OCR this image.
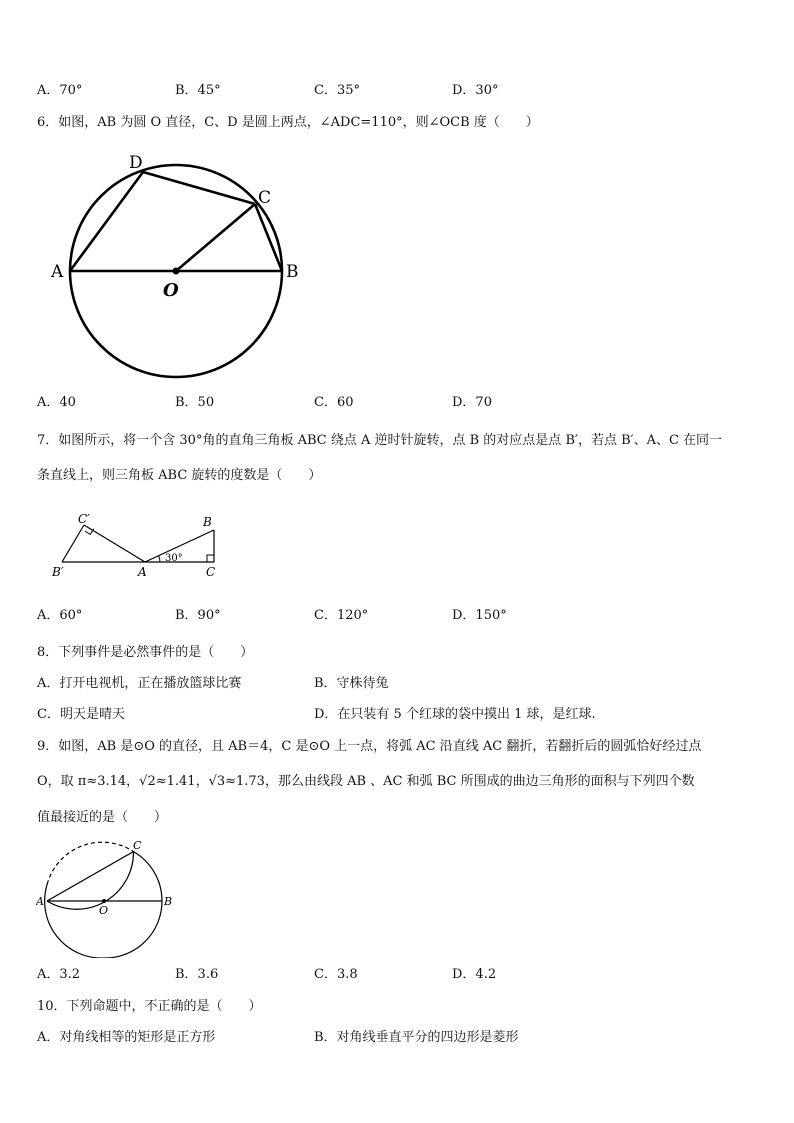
A．70°	B．45°	C．35°	D．30°
6．如图，AB 为圆 O 直径，C、D 是圆上两点，∠ADC=110°，则∠OCB 度（　　）
D
C
A	B
O
A．40	B．50	C．60	D．70
7．如图所示，将一个含 30°角的直角三角板 ABC 绕点 A 逆时针旋转，点 B 的对应点是点 B′，若点 B′、A、C 在同一
条直线上，则三角板 ABC 旋转的度数是（　　）
C′
B′	A
B
C
30°
A．60°	B．90°	C．120°	D．150°
8．下列事件是必然事件的是（　　）
A．打开电视机，正在播放篮球比赛	B．守株待兔
C．明天是晴天	D．在只装有 5 个红球的袋中摸出 1 球，是红球.
9．如图，AB 是⊙O 的直径，且 AB＝4，C 是⊙O 上一点，将弧 AC 沿直线 AC 翻折，若翻折后的圆弧恰好经过点
O，取 π≈3.14，√2≈1.41，√3≈1.73，那么由线段 AB 、AC 和弧 BC 所围成的曲边三角形的面积与下列四个数
值最接近的是（　　）
A	B
C
O
A．3.2	B．3.6	C．3.8	D．4.2
10．下列命题中，不正确的是（　　）
A．对角线相等的矩形是正方形	B．对角线垂直平分的四边形是菱形
